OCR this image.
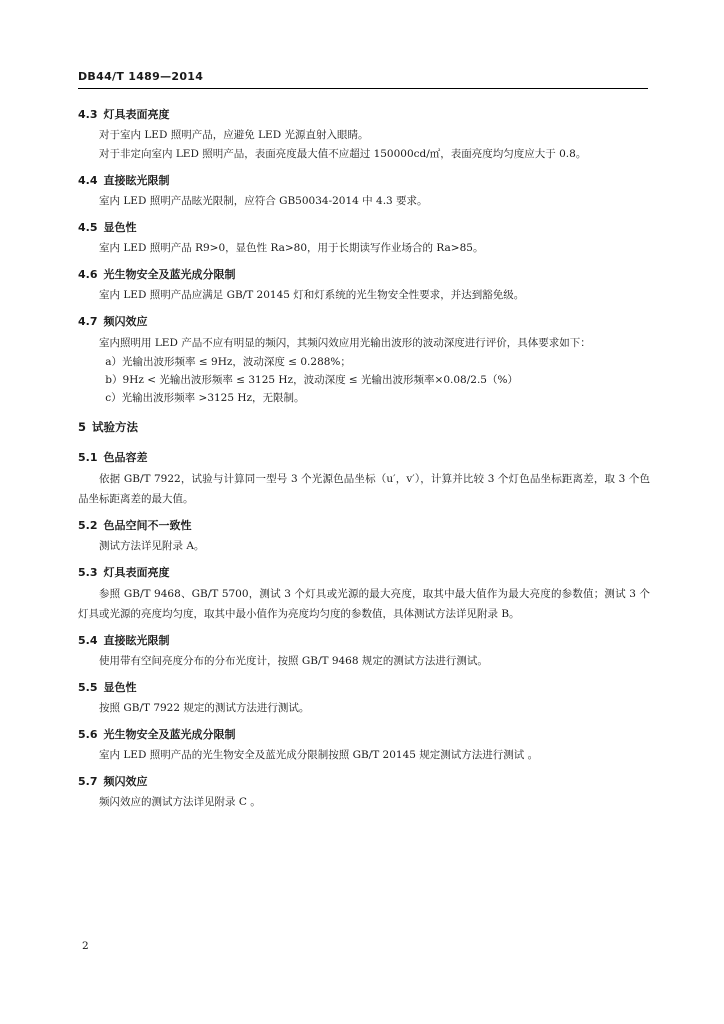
DB44/T 1489—2014
4.3 灯具表面亮度
对于室内 LED 照明产品，应避免 LED 光源直射入眼睛。
对于非定向室内 LED 照明产品，表面亮度最大值不应超过 150000cd/㎡，表面亮度均匀度应大于 0.8。
4.4 直接眩光限制
室内 LED 照明产品眩光限制，应符合 GB50034-2014 中 4.3 要求。
4.5 显色性
室内 LED 照明产品 R9>0，显色性 Ra>80，用于长期读写作业场合的 Ra>85。
4.6 光生物安全及蓝光成分限制
室内 LED 照明产品应满足 GB/T 20145 灯和灯系统的光生物安全性要求，并达到豁免级。
4.7 频闪效应
室内照明用 LED 产品不应有明显的频闪，其频闪效应用光输出波形的波动深度进行评价，具体要求如下：
a）光输出波形频率 ≤ 9Hz，波动深度 ≤ 0.288%；
b）9Hz < 光输出波形频率 ≤ 3125 Hz，波动深度 ≤ 光输出波形频率×0.08/2.5（%）
c）光输出波形频率 >3125 Hz，无限制。
5 试验方法
5.1 色品容差
依据 GB/T 7922，试验与计算同一型号 3 个光源色品坐标（u′，v′），计算并比较 3 个灯色品坐标距离差，取 3 个色品坐标距离差的最大值。
5.2 色品空间不一致性
测试方法详见附录 A。
5.3 灯具表面亮度
参照 GB/T 9468、GB/T 5700，测试 3 个灯具或光源的最大亮度，取其中最大值作为最大亮度的参数值；测试 3 个灯具或光源的亮度均匀度，取其中最小值作为亮度均匀度的参数值，具体测试方法详见附录 B。
5.4 直接眩光限制
使用带有空间亮度分布的分布光度计，按照 GB/T 9468 规定的测试方法进行测试。
5.5 显色性
按照 GB/T 7922 规定的测试方法进行测试。
5.6 光生物安全及蓝光成分限制
室内 LED 照明产品的光生物安全及蓝光成分限制按照 GB/T 20145 规定测试方法进行测试 。
5.7 频闪效应
频闪效应的测试方法详见附录 C 。
2
